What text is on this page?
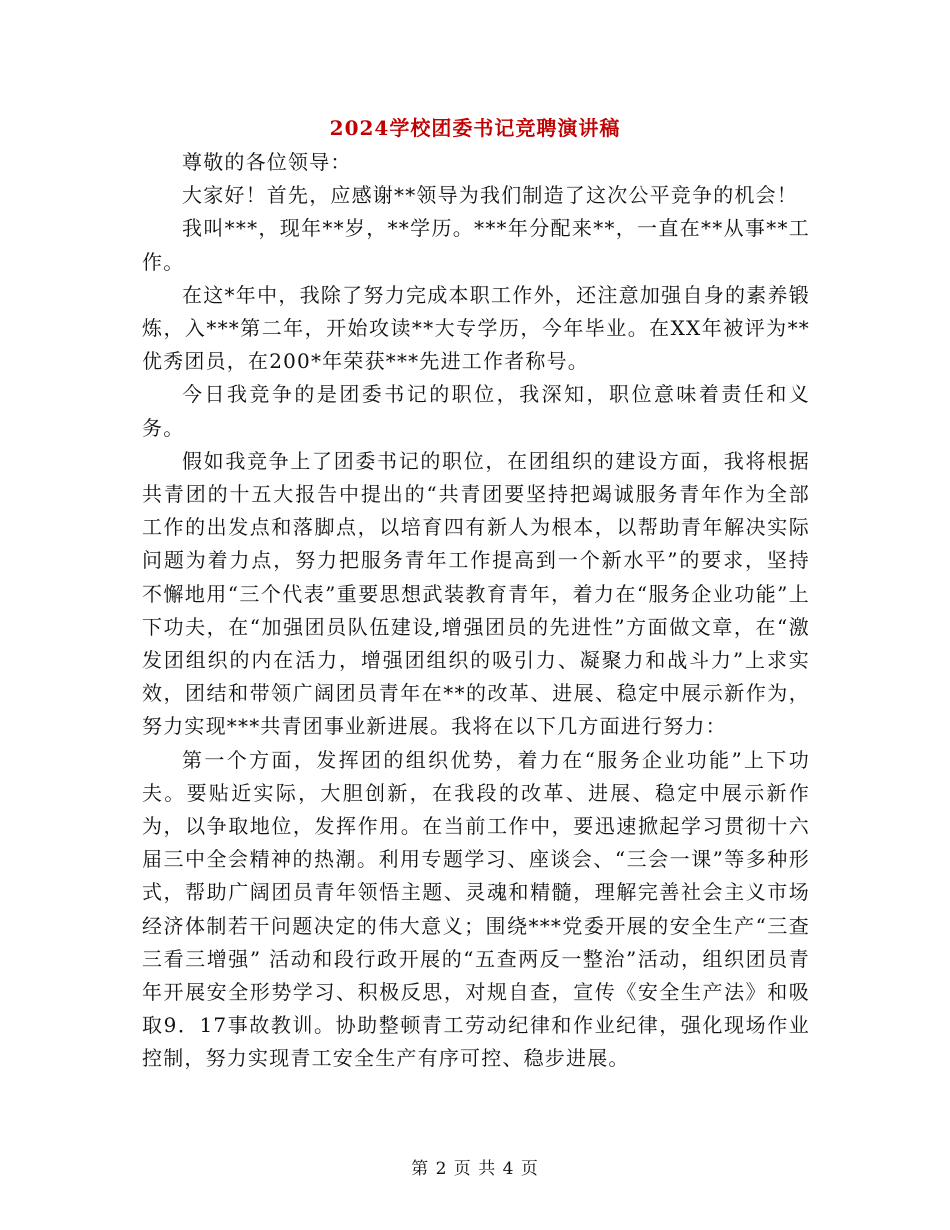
2024学校团委书记竞聘演讲稿

尊敬的各位领导：

大家好！首先，应感谢**领导为我们制造了这次公平竞争的机会！

我叫***，现年**岁，**学历。***年分配来**，一直在**从事**工作。

在这*年中，我除了努力完成本职工作外，还注意加强自身的素养锻炼，入***第二年，开始攻读**大专学历，今年毕业。在XX年被评为**优秀团员，在200*年荣获***先进工作者称号。

今日我竞争的是团委书记的职位，我深知，职位意味着责任和义务。

假如我竞争上了团委书记的职位，在团组织的建设方面，我将根据共青团的十五大报告中提出的“共青团要坚持把竭诚服务青年作为全部工作的出发点和落脚点，以培育四有新人为根本，以帮助青年解决实际问题为着力点，努力把服务青年工作提高到一个新水平”的要求，坚持不懈地用“三个代表”重要思想武装教育青年，着力在“服务企业功能”上下功夫，在“加强团员队伍建设,增强团员的先进性”方面做文章，在“激发团组织的内在活力，增强团组织的吸引力、凝聚力和战斗力”上求实效，团结和带领广阔团员青年在**的改革、进展、稳定中展示新作为，努力实现***共青团事业新进展。我将在以下几方面进行努力：

第一个方面，发挥团的组织优势，着力在“服务企业功能”上下功夫。要贴近实际，大胆创新，在我段的改革、进展、稳定中展示新作为，以争取地位，发挥作用。在当前工作中，要迅速掀起学习贯彻十六届三中全会精神的热潮。利用专题学习、座谈会、“三会一课”等多种形式，帮助广阔团员青年领悟主题、灵魂和精髓，理解完善社会主义市场经济体制若干问题决定的伟大意义；围绕***党委开展的安全生产“三查三看三增强” 活动和段行政开展的“五查两反一整治”活动，组织团员青年开展安全形势学习、积极反思，对规自查，宣传《安全生产法》和吸取9．17事故教训。协助整顿青工劳动纪律和作业纪律，强化现场作业控制，努力实现青工安全生产有序可控、稳步进展。

第 2 页 共 4 页
